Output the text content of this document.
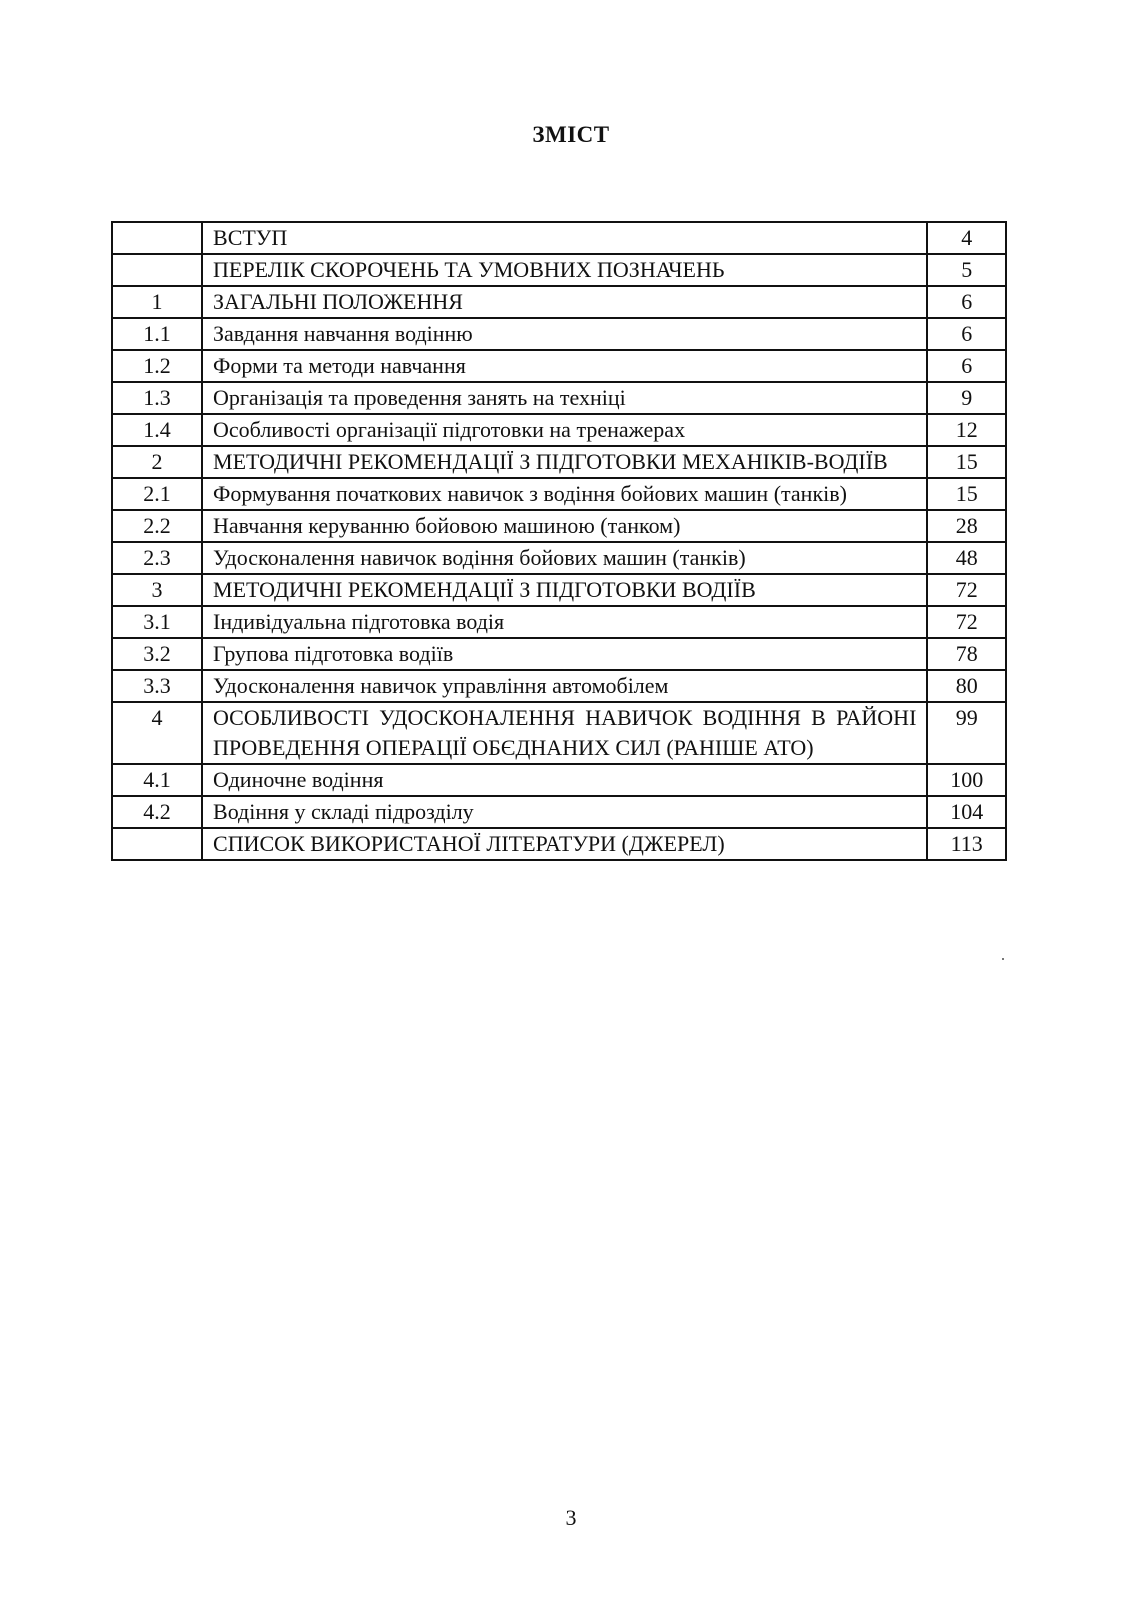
ЗМІСТ
	ВСТУП	4
	ПЕРЕЛІК СКОРОЧЕНЬ ТА УМОВНИХ ПОЗНАЧЕНЬ	5
1	ЗАГАЛЬНІ ПОЛОЖЕННЯ	6
1.1	Завдання навчання водінню	6
1.2	Форми та методи навчання	6
1.3	Організація та проведення занять на техніці	9
1.4	Особливості організації підготовки на тренажерах	12
2	МЕТОДИЧНІ РЕКОМЕНДАЦІЇ З ПІДГОТОВКИ МЕХАНІКІВ-ВОДІЇВ	15
2.1	Формування початкових навичок з водіння бойових машин (танків)	15
2.2	Навчання керуванню бойовою машиною (танком)	28
2.3	Удосконалення навичок водіння бойових машин (танків)	48
3	МЕТОДИЧНІ РЕКОМЕНДАЦІЇ З ПІДГОТОВКИ ВОДІЇВ	72
3.1	Індивідуальна підготовка водія	72
3.2	Групова підготовка водіїв	78
3.3	Удосконалення навичок управління автомобілем	80
4	ОСОБЛИВОСТІ УДОСКОНАЛЕННЯ НАВИЧОК ВОДІННЯ В РАЙОНІ ПРОВЕДЕННЯ ОПЕРАЦІЇ ОБЄДНАНИХ СИЛ (РАНІШЕ АТО)	99
4.1	Одиночне водіння	100
4.2	Водіння у складі підрозділу	104
	СПИСОК ВИКОРИСТАНОЇ ЛІТЕРАТУРИ (ДЖЕРЕЛ)	113
3
